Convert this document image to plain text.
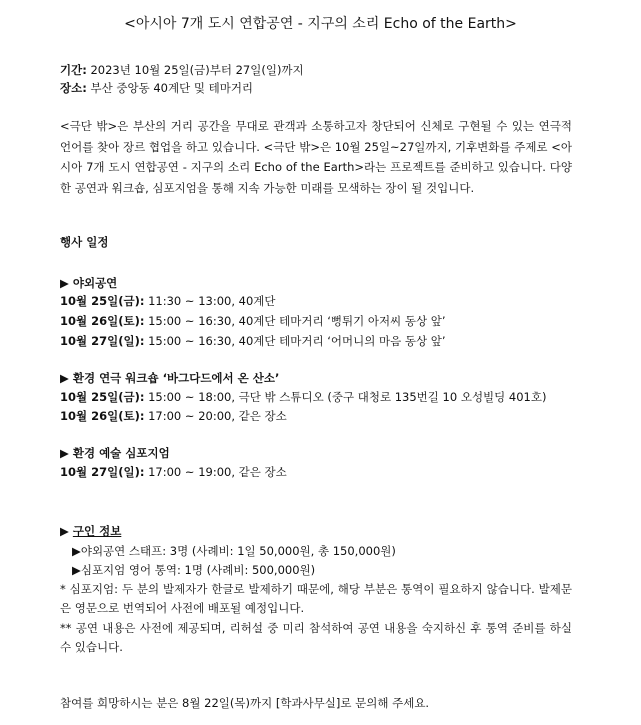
<아시아 7개 도시 연합공연 - 지구의 소리 Echo of the Earth>
기간: 2023년 10월 25일(금)부터 27일(일)까지
장소: 부산 중앙동 40계단 및 테마거리
<극단 밖>은 부산의 거리 공간을 무대로 관객과 소통하고자 창단되어 신체로 구현될 수 있는 연극적 언어를 찾아 장르 협업을 하고 있습니다. <극단 밖>은 10월 25일~27일까지, 기후변화를 주제로 <아시아 7개 도시 연합공연 - 지구의 소리 Echo of the Earth>라는 프로젝트를 준비하고 있습니다. 다양한 공연과 워크숍, 심포지엄을 통해 지속 가능한 미래를 모색하는 장이 될 것입니다.
행사 일정
▶ 야외공연
10월 25일(금): 11:30 ~ 13:00, 40계단
10월 26일(토): 15:00 ~ 16:30, 40계단 테마거리 ‘뻥튀기 아저씨 동상 앞’
10월 27일(일): 15:00 ~ 16:30, 40계단 테마거리 ‘어머니의 마음 동상 앞’
▶ 환경 연극 워크숍 ‘바그다드에서 온 산소’
10월 25일(금): 15:00 ~ 18:00, 극단 밖 스튜디오 (중구 대청로 135번길 10 오성빌딩 401호)
10월 26일(토): 17:00 ~ 20:00, 같은 장소
▶ 환경 예술 심포지엄
10월 27일(일): 17:00 ~ 19:00, 같은 장소
▶ 구인 정보
▶야외공연 스태프: 3명 (사례비: 1일 50,000원, 총 150,000원)
▶심포지엄 영어 통역: 1명 (사례비: 500,000원)
* 심포지엄: 두 분의 발제자가 한글로 발제하기 때문에, 해당 부분은 통역이 필요하지 않습니다. 발제문은 영문으로 번역되어 사전에 배포될 예정입니다.
** 공연 내용은 사전에 제공되며, 리허설 중 미리 참석하여 공연 내용을 숙지하신 후 통역 준비를 하실 수 있습니다.
참여를 희망하시는 분은 8월 22일(목)까지 [학과사무실]로 문의해 주세요.
